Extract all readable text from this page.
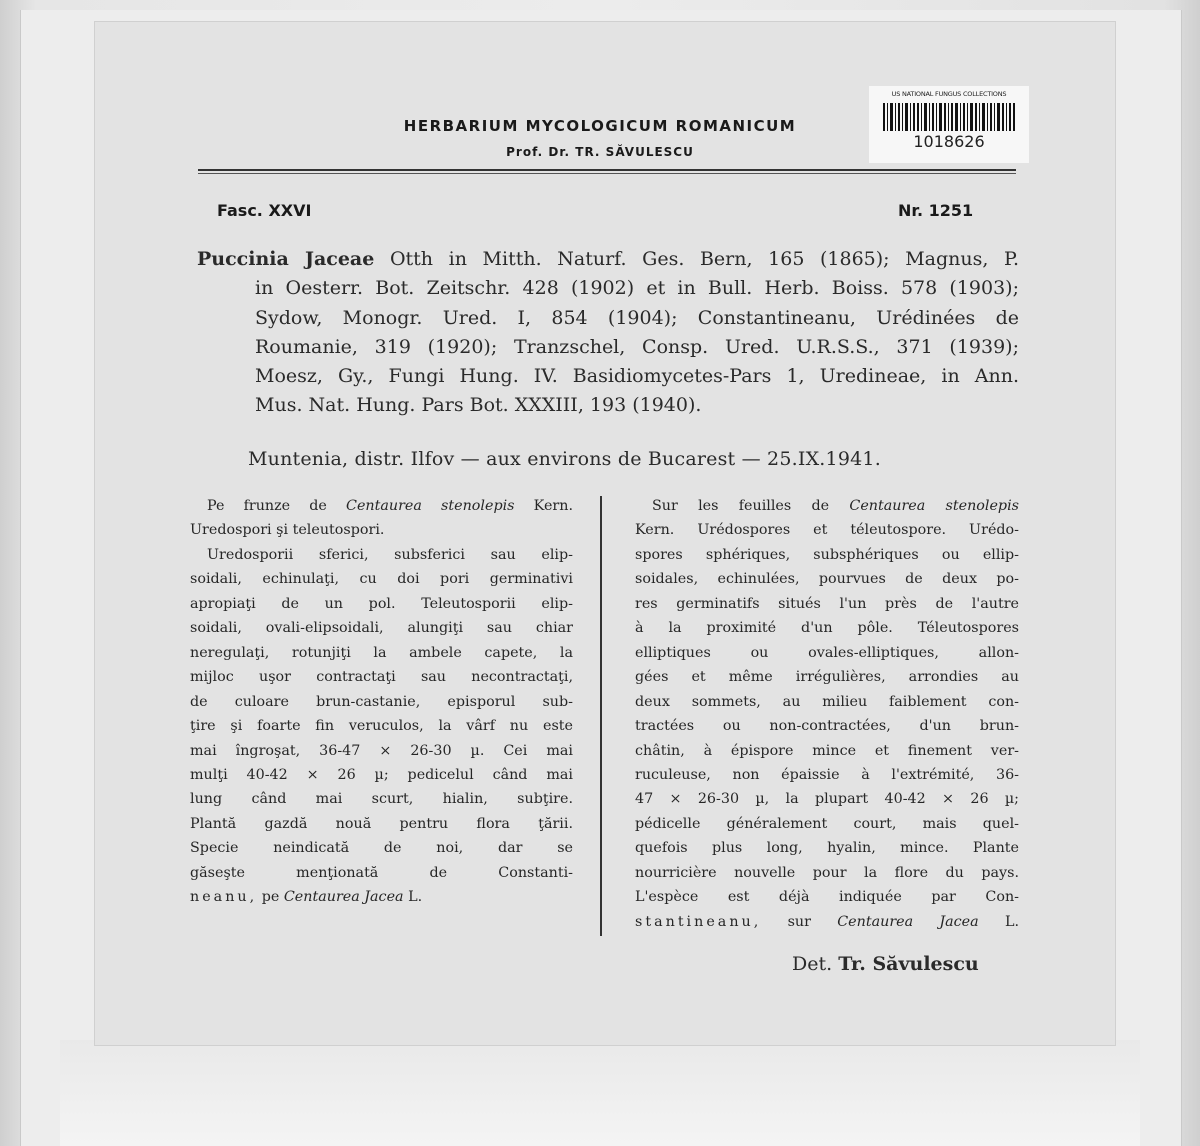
HERBARIUM MYCOLOGICUM ROMANICUM
Prof. Dr. TR. SĂVULESCU
US NATIONAL FUNGUS COLLECTIONS
1018626
Fasc. XXVI	Nr. 1251
Puccinia Jaceae Otth in Mitth. Naturf. Ges. Bern, 165 (1865); Magnus, P.
in Oesterr. Bot. Zeitschr. 428 (1902) et in Bull. Herb. Boiss. 578 (1903);
Sydow, Monogr. Ured. I, 854 (1904); Constantineanu, Urédinées de
Roumanie, 319 (1920); Tranzschel, Consp. Ured. U.R.S.S., 371 (1939);
Moesz, Gy., Fungi Hung. IV. Basidiomycetes-Pars 1, Uredineae, in Ann.
Mus. Nat. Hung. Pars Bot. XXXIII, 193 (1940).
Muntenia, distr. Ilfov — aux environs de Bucarest — 25.IX.1941.
Pe frunze de Centaurea stenolepis Kern.
Uredospori şi teleutospori.
Uredosporii sferici, subsferici sau elip-
soidali, echinulaţi, cu doi pori germinativi
apropiaţi de un pol. Teleutosporii elip-
soidali, ovali-elipsoidali, alungiţi sau chiar
neregulaţi, rotunjiţi la ambele capete, la
mijloc uşor contractaţi sau necontractaţi,
de culoare brun-castanie, episporul sub-
ţire şi foarte fin veruculos, la vârf nu este
mai îngroşat, 36-47 × 26-30 µ. Cei mai
mulţi 40-42 × 26 µ; pedicelul când mai
lung când mai scurt, hialin, subţire.
Plantă gazdă nouă pentru flora ţării.
Specie neindicată de noi, dar se
găseşte menţionată de Constanti-
neanu, pe Centaurea Jacea L.
Sur les feuilles de Centaurea stenolepis
Kern. Urédospores et téleutospore. Urédo-
spores sphériques, subsphériques ou ellip-
soidales, echinulées, pourvues de deux po-
res germinatifs situés l'un près de l'autre
à la proximité d'un pôle. Téleutospores
elliptiques ou ovales-elliptiques, allon-
gées et même irrégulières, arrondies au
deux sommets, au milieu faiblement con-
tractées ou non-contractées, d'un brun-
châtin, à épispore mince et finement ver-
ruculeuse, non épaissie à l'extrémité, 36-
47 × 26-30 µ, la plupart 40-42 × 26 µ;
pédicelle généralement court, mais quel-
quefois plus long, hyalin, mince. Plante
nourricière nouvelle pour la flore du pays.
L'espèce est déjà indiquée par Con-
stantineanu, sur Centaurea Jacea L.
Det. Tr. Săvulescu
